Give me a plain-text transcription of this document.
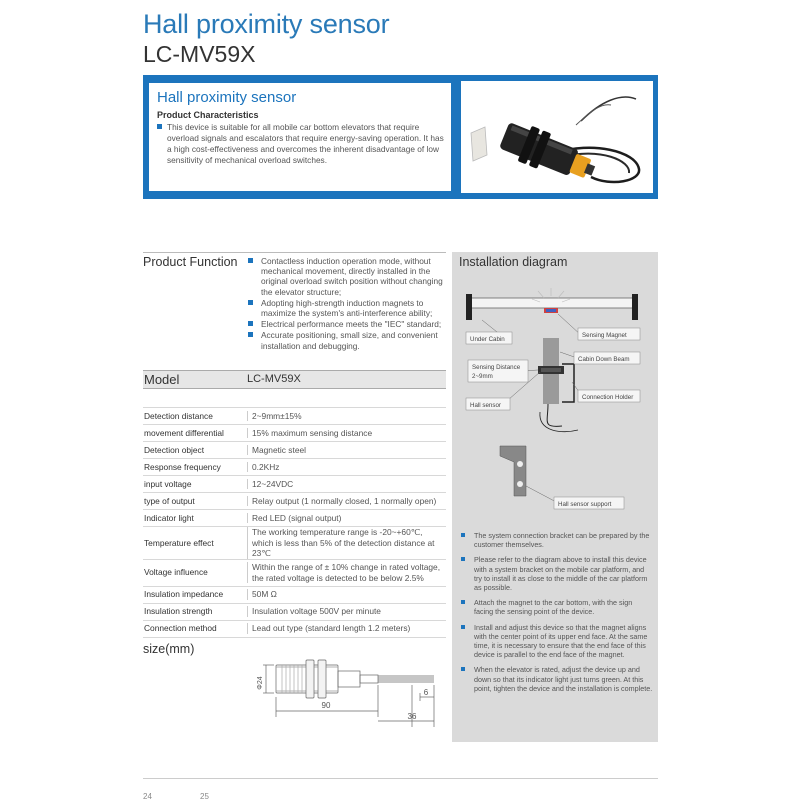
Hall proximity sensor
LC-MV59X
Hall proximity sensor
Product Characteristics
This device is suitable for all mobile car bottom elevators that require overload signals and escalators that require energy-saving operation. It has a high cost-effectiveness and overcomes the inherent disadvantage of low sensitivity of mechanical overload switches.
Product Function	Contactless induction operation mode, without mechanical movement, directly installed in the original overload switch position without changing the elevator structure;
Adopting high-strength induction magnets to maximize the system's anti-interference ability;
Electrical performance meets the "IEC" standard;
Accurate positioning, small size, and convenient installation and debugging.
Model	LC-MV59X
Detection distance	2~9mm±15%

movement differential	15% maximum sensing distance

Detection object	Magnetic steel

Response frequency	0.2KHz

input voltage	12~24VDC

type of output	Relay output (1 normally closed, 1 normally open)

Indicator light	Red LED (signal output)

Temperature effect	The working temperature range is -20~+60℃, which is less than 5% of the detection distance at 23℃

Voltage influence	Within the range of ± 10% change in rated voltage, the rated voltage is detected to be below 2.5%

Insulation impedance	50M Ω

Insulation strength	Insulation voltage 500V per minute

Connection method	Lead out type (standard length 1.2 meters)
size(mm)
Φ24
90
6
36
Installation diagram
Under Cabin
Sensing Magnet
Cabin Down Beam
Sensing Distance
2~9mm
Connection Holder
Hall sensor
Hall sensor support
The system connection bracket can be prepared by the customer themselves.
Please refer to the diagram above to install this device with a system bracket on the mobile car platform, and try to install it as close to the middle of the car platform as possible.
Attach the magnet to the car bottom, with the sign facing the sensing point of the device.
Install and adjust this device so that the magnet aligns with the center point of its upper end face. At the same time, it is necessary to ensure that the end face of this device is parallel to the end face of the magnet.
When the elevator is rated, adjust the device up and down so that its indicator light just turns green. At this point, tighten the device and the installation is complete.
24	25
